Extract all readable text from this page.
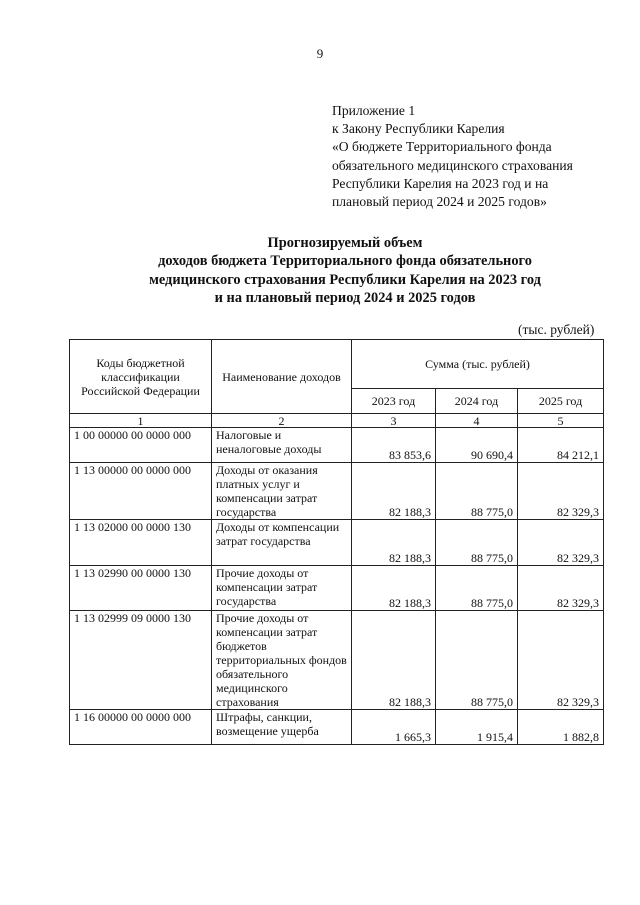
9
Приложение 1
к Закону Республики Карелия
«О бюджете Территориального фонда
обязательного медицинского страхования
Республики Карелия на 2023 год и на
плановый период 2024 и 2025 годов»
Прогнозируемый объем
доходов бюджета Территориального фонда обязательного
медицинского страхования Республики Карелия на 2023 год
и на плановый период 2024 и 2025 годов
(тыс. рублей)
Коды бюджетной классификации Российской Федерации	Наименование доходов	Сумма (тыс. рублей)		
		2023 год	2024 год	2025 год
1	2	3	4	5
1 00 00000 00 0000 000	Налоговые и неналоговые доходы	83 853,6	90 690,4	84 212,1
1 13 00000 00 0000 000	Доходы от оказания платных услуг и компенсации затрат государства	82 188,3	88 775,0	82 329,3
1 13 02000 00 0000 130	Доходы от компенсации затрат государства	82 188,3	88 775,0	82 329,3
1 13 02990 00 0000 130	Прочие доходы от компенсации затрат государства	82 188,3	88 775,0	82 329,3
1 13 02999 09 0000 130	Прочие доходы от компенсации затрат бюджетов территориальных фондов обязательного медицинского страхования	82 188,3	88 775,0	82 329,3
1 16 00000 00 0000 000	Штрафы, санкции, возмещение ущерба	1 665,3	1 915,4	1 882,8
